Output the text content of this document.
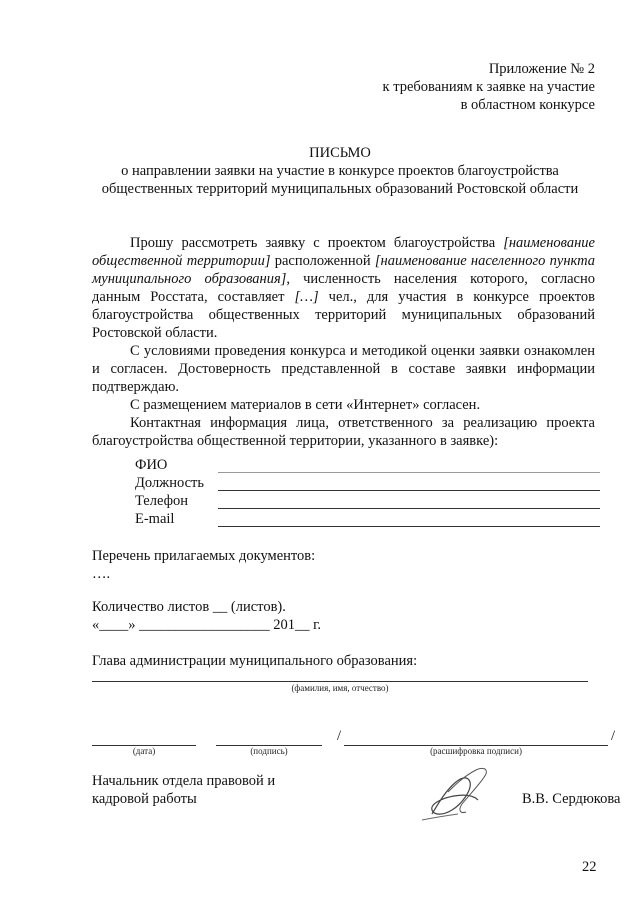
Приложение № 2

к требованиям к заявке на участие

в областном конкурсе

ПИСЬМО

о направлении заявки на участие в конкурсе проектов благоустройства

общественных территорий муниципальных образований Ростовской области

Прошу рассмотреть заявку с проектом благоустройства [наименование общественной территории] расположенной [наименование населенного пункта муниципального образования], численность населения которого, согласно данным Росстата, составляет […] чел., для участия в конкурсе проектов благоустройства общественных территорий муниципальных образований Ростовской области.

С условиями проведения конкурса и методикой оценки заявки ознакомлен и согласен. Достоверность представленной в составе заявки информации подтверждаю.

С размещением материалов в сети «Интернет» согласен.

Контактная информация лица, ответственного за реализацию проекта благоустройства общественной территории, указанного в заявке):

ФИО
Должность
Телефон
E-mail

Перечень прилагаемых документов:

….

Количество листов __ (листов).

«____» __________________ 201__ г.

Глава администрации муниципального образования:
(фамилия, имя, отчество)
(дата)	(подпись)
/
(расшифровка подписи)
/

Начальник отдела правовой и

кадровой работы	В.В. Сердюкова
22
